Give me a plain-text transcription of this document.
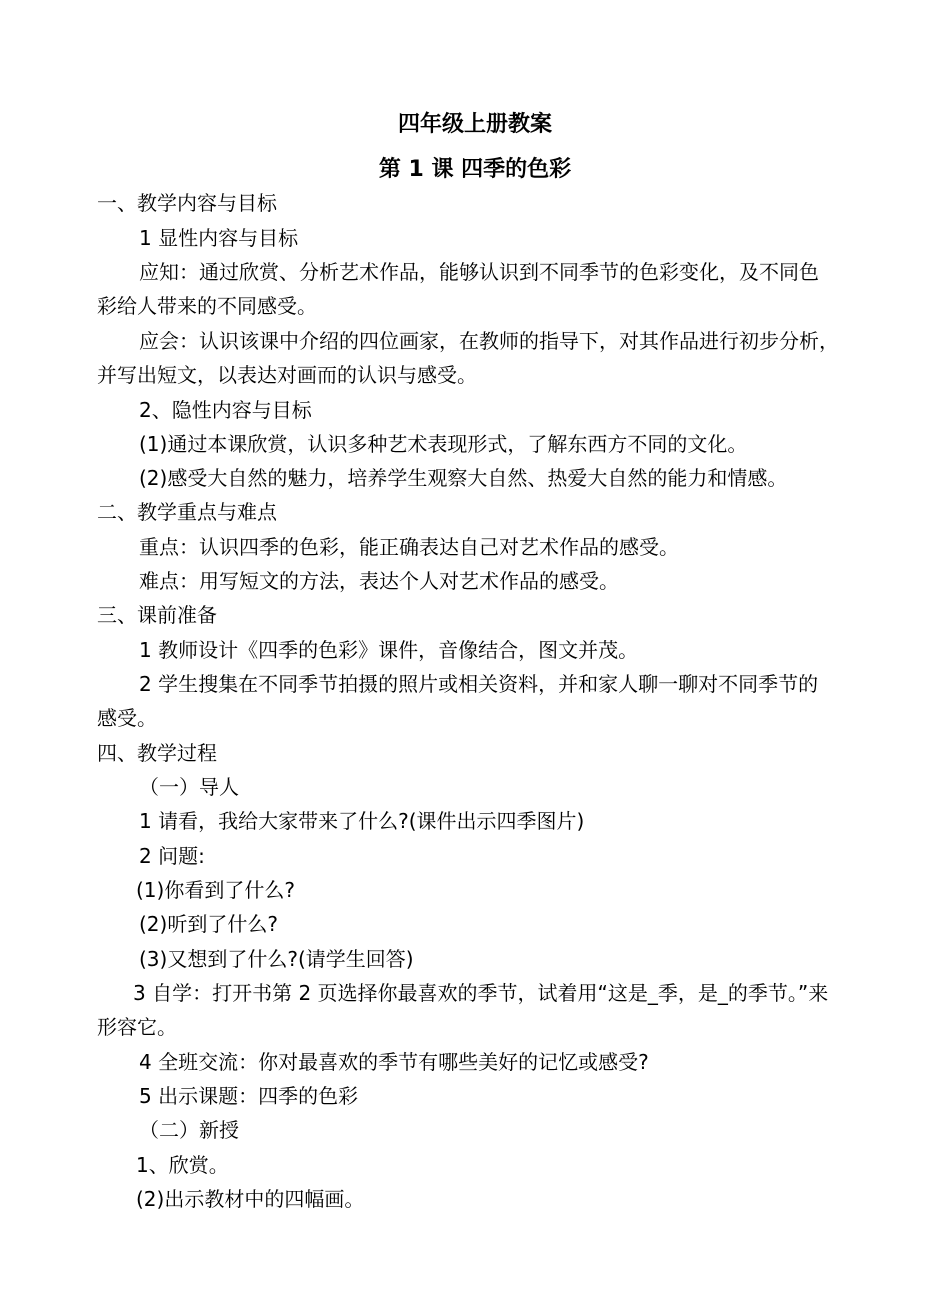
四年级上册教案
第 1 课 四季的色彩
一、教学内容与目标
1 显性内容与目标
应知：通过欣赏、分析艺术作品，能够认识到不同季节的色彩变化，及不同色
彩给人带来的不同感受。
应会：认识该课中介绍的四位画家，在教师的指导下，对其作品进行初步分析，
并写出短文，以表达对画而的认识与感受。
2、隐性内容与目标
(1)通过本课欣赏，认识多种艺术表现形式，了解东西方不同的文化。
(2)感受大自然的魅力，培养学生观察大自然、热爱大自然的能力和情感。
二、教学重点与难点
重点：认识四季的色彩，能正确表达自己对艺术作品的感受。
难点：用写短文的方法，表达个人对艺术作品的感受。
三、课前准备
1 教师设计《四季的色彩》课件，音像结合，图文并茂。
2 学生搜集在不同季节拍摄的照片或相关资料，并和家人聊一聊对不同季节的
感受。
四、教学过程
（一）导人
1 请看，我给大家带来了什么?(课件出示四季图片)
2 问题:
(1)你看到了什么?
(2)听到了什么?
(3)又想到了什么?(请学生回答)
3 自学：打开书第 2 页选择你最喜欢的季节，试着用“这是_季，是_的季节。”来
形容它。
4 全班交流：你对最喜欢的季节有哪些美好的记忆或感受?
5 出示课题：四季的色彩
（二）新授
1、欣赏。
(2)出示教材中的四幅画。
